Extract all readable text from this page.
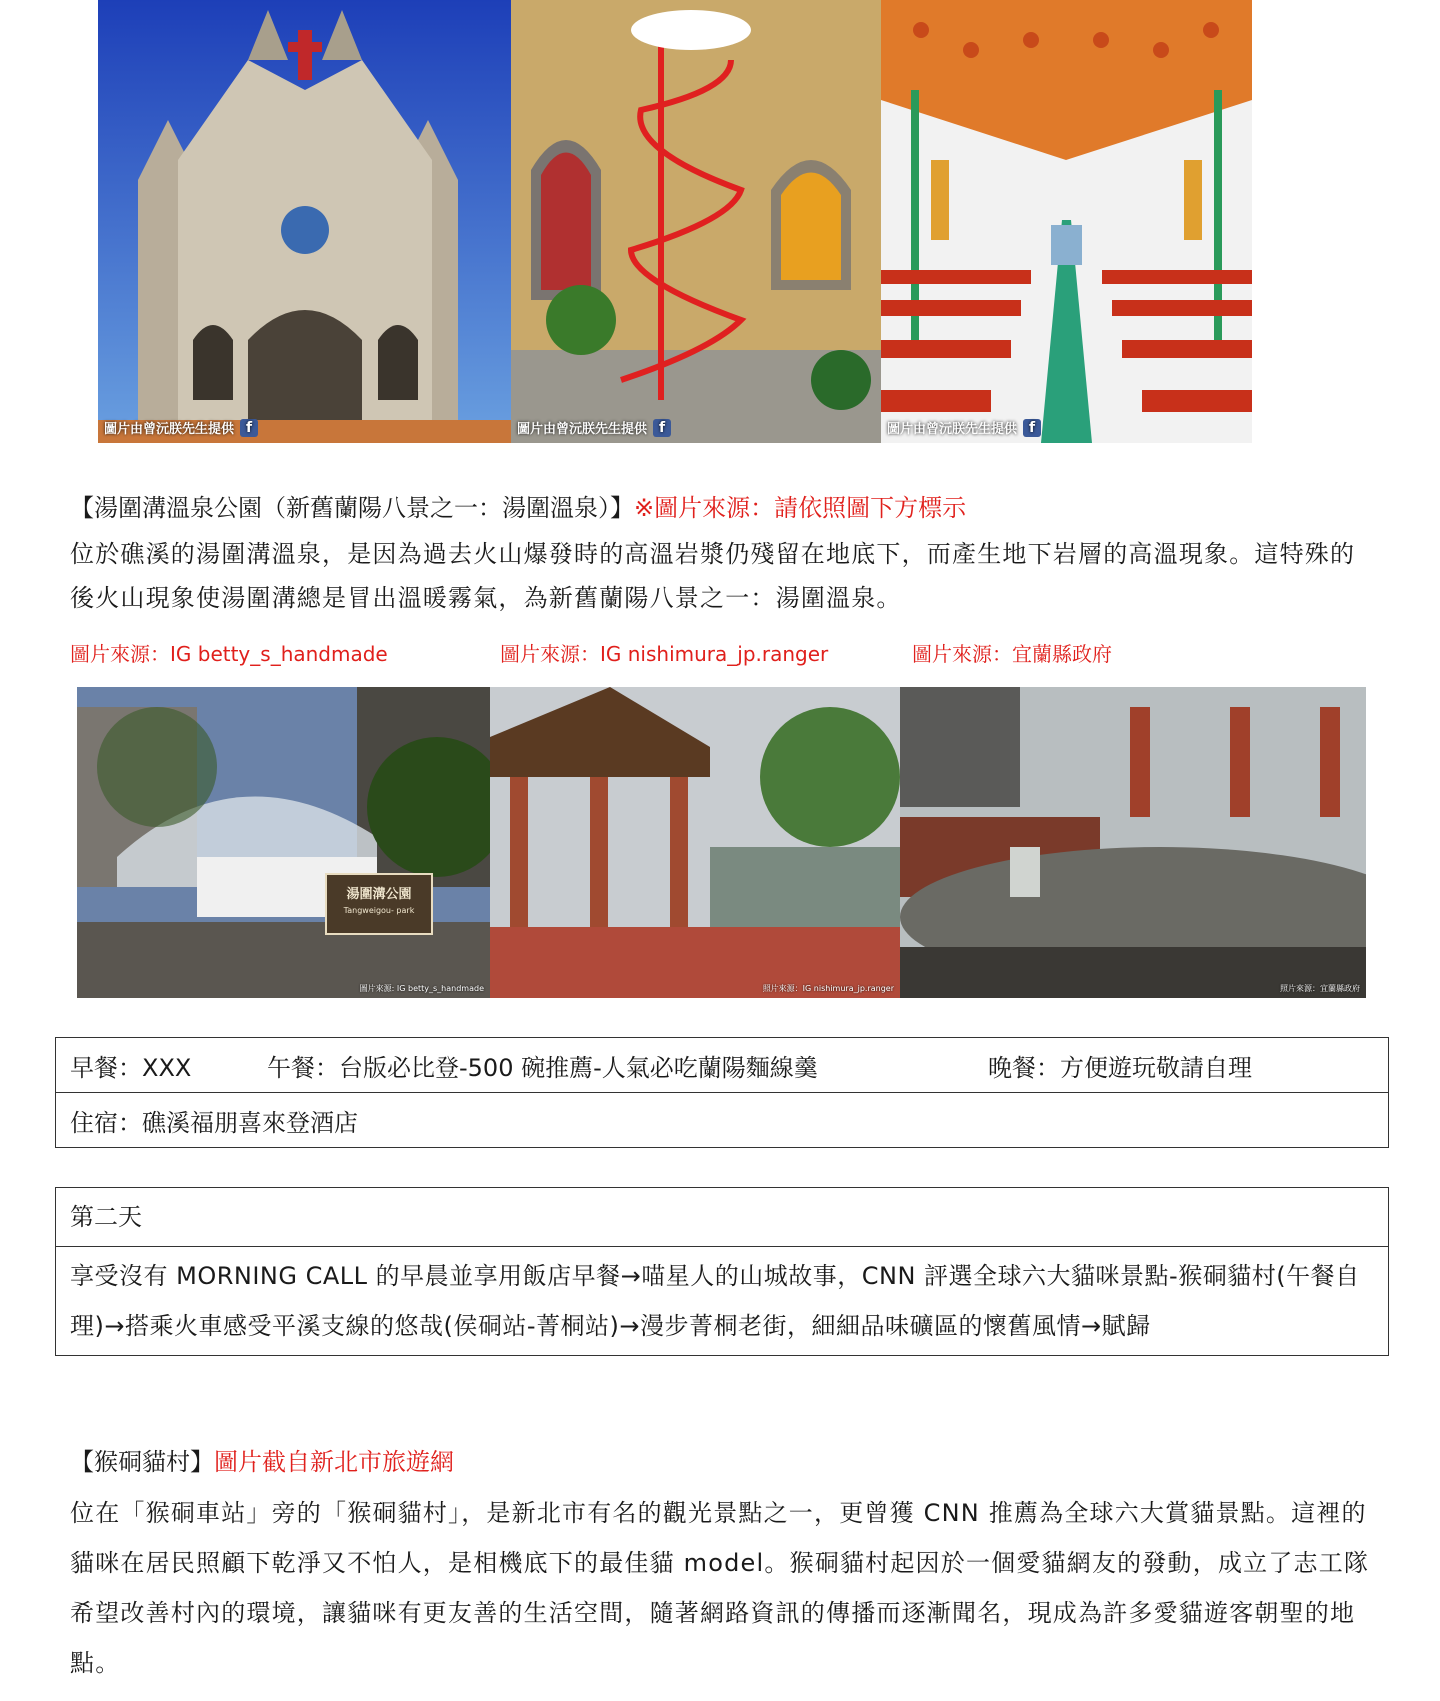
圖片由曾沅朕先生提供 f	圖片由曾沅朕先生提供 f	圖片由曾沅朕先生提供 f
【湯圍溝溫泉公園（新舊蘭陽八景之一：湯圍溫泉）】※圖片來源：請依照圖下方標示
位於礁溪的湯圍溝溫泉，是因為過去火山爆發時的高溫岩漿仍殘留在地底下，而產生地下岩層的高溫現象。這特殊的後火山現象使湯圍溝總是冒出溫暖霧氣，為新舊蘭陽八景之一：湯圍溫泉。
圖片來源：IG betty_s_handmade	圖片來源：IG nishimura_jp.ranger	圖片來源：宜蘭縣政府
湯圍溝公園
Tangweigou- park
圖片來源: IG betty_s_handmade	照片來源：IG nishimura_jp.ranger	照片來源：宜蘭縣政府
早餐：XXX	午餐：台版必比登-500 碗推薦-人氣必吃蘭陽麵線羹	晚餐：方便遊玩敬請自理
住宿：礁溪福朋喜來登酒店
第二天
享受沒有 MORNING CALL 的早晨並享用飯店早餐→喵星人的山城故事，CNN 評選全球六大貓咪景點-猴硐貓村(午餐自理)→搭乘火車感受平溪支線的悠哉(侯硐站-菁桐站)→漫步菁桐老街，細細品味礦區的懷舊風情→賦歸
【猴硐貓村】圖片截自新北市旅遊網
位在「猴硐車站」旁的「猴硐貓村」，是新北市有名的觀光景點之一，更曾獲 CNN 推薦為全球六大賞貓景點。這裡的貓咪在居民照顧下乾淨又不怕人，是相機底下的最佳貓 model。猴硐貓村起因於一個愛貓網友的發動，成立了志工隊希望改善村內的環境，讓貓咪有更友善的生活空間，隨著網路資訊的傳播而逐漸聞名，現成為許多愛貓遊客朝聖的地點。
